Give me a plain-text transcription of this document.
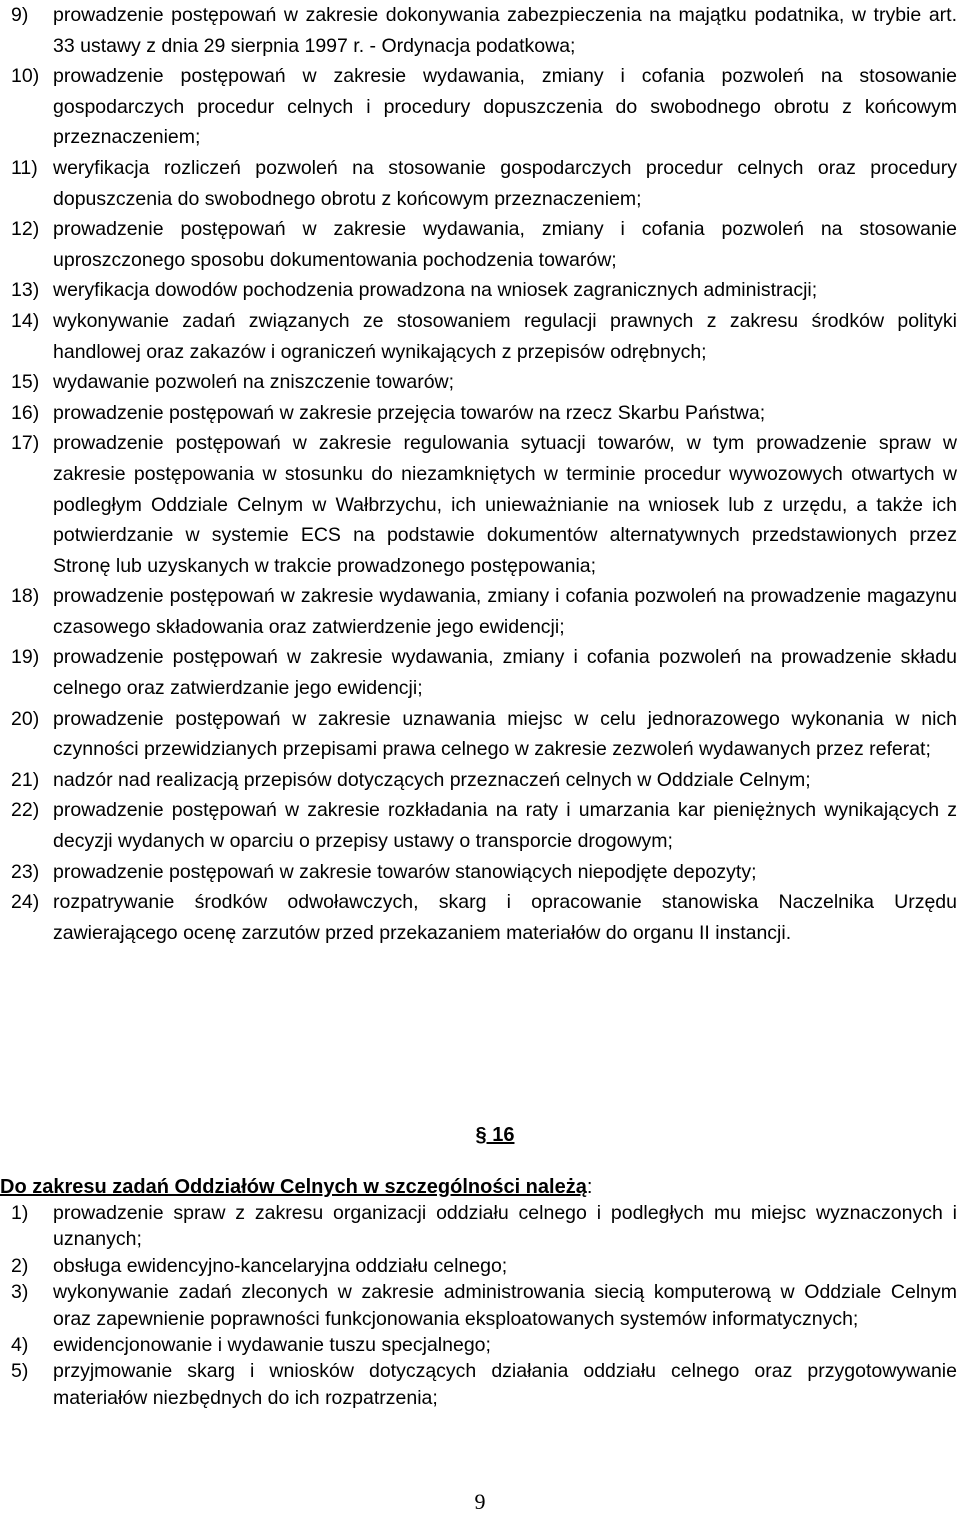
9)	prowadzenie postępowań w zakresie dokonywania zabezpieczenia na majątku podatnika, w trybie art. 33 ustawy z dnia 29 sierpnia 1997 r. - Ordynacja podatkowa;
10) prowadzenie postępowań w zakresie wydawania, zmiany i cofania pozwoleń na stosowanie gospodarczych procedur celnych i procedury dopuszczenia do swobodnego obrotu z końcowym przeznaczeniem;
11) weryfikacja rozliczeń pozwoleń na stosowanie gospodarczych procedur celnych oraz procedury dopuszczenia do swobodnego obrotu z końcowym przeznaczeniem;
12) prowadzenie postępowań w zakresie wydawania, zmiany i cofania pozwoleń na stosowanie uproszczonego sposobu dokumentowania pochodzenia towarów;
13) weryfikacja dowodów pochodzenia prowadzona na wniosek zagranicznych administracji;
14) wykonywanie zadań związanych ze stosowaniem regulacji prawnych z zakresu środków polityki handlowej oraz zakazów i ograniczeń wynikających z przepisów odrębnych;
15) wydawanie pozwoleń na zniszczenie towarów;
16) prowadzenie postępowań w zakresie przejęcia towarów na rzecz Skarbu Państwa;
17) prowadzenie postępowań w zakresie regulowania sytuacji towarów, w tym prowadzenie spraw w zakresie postępowania w stosunku do niezamkniętych w terminie procedur wywozowych otwartych w podległym Oddziale Celnym w Wałbrzychu, ich unieważnianie na wniosek lub z urzędu, a także ich potwierdzanie w systemie ECS na podstawie dokumentów alternatywnych przedstawionych przez Stronę lub uzyskanych w trakcie prowadzonego postępowania;
18) prowadzenie postępowań w zakresie wydawania, zmiany i cofania pozwoleń na prowadzenie magazynu czasowego składowania oraz zatwierdzenie jego ewidencji;
19) prowadzenie postępowań w zakresie wydawania, zmiany i cofania pozwoleń na prowadzenie składu celnego oraz zatwierdzanie jego ewidencji;
20) prowadzenie postępowań w zakresie uznawania miejsc w celu jednorazowego wykonania w nich czynności przewidzianych przepisami prawa celnego w zakresie zezwoleń wydawanych przez referat;
21) nadzór nad realizacją przepisów dotyczących przeznaczeń celnych w Oddziale Celnym;
22) prowadzenie postępowań w zakresie rozkładania na raty i umarzania kar pieniężnych wynikających z decyzji wydanych w oparciu o przepisy ustawy o transporcie drogowym;
23) prowadzenie postępowań w zakresie towarów stanowiących niepodjęte depozyty;
24) rozpatrywanie środków odwoławczych, skarg i opracowanie stanowiska Naczelnika Urzędu zawierającego ocenę zarzutów przed przekazaniem materiałów do organu II instancji.
§ 16
Do zakresu zadań Oddziałów Celnych w szczególności należą:
1)	prowadzenie spraw z zakresu organizacji oddziału celnego i podległych mu miejsc wyznaczonych i uznanych;
2)	obsługa ewidencyjno-kancelaryjna oddziału celnego;
3)	wykonywanie zadań zleconych w zakresie administrowania siecią komputerową w Oddziale Celnym oraz zapewnienie poprawności funkcjonowania eksploatowanych systemów informatycznych;
4)	ewidencjonowanie i wydawanie tuszu specjalnego;
5)	przyjmowanie skarg i wniosków dotyczących działania oddziału celnego oraz przygotowywanie materiałów niezbędnych do ich rozpatrzenia;
9
